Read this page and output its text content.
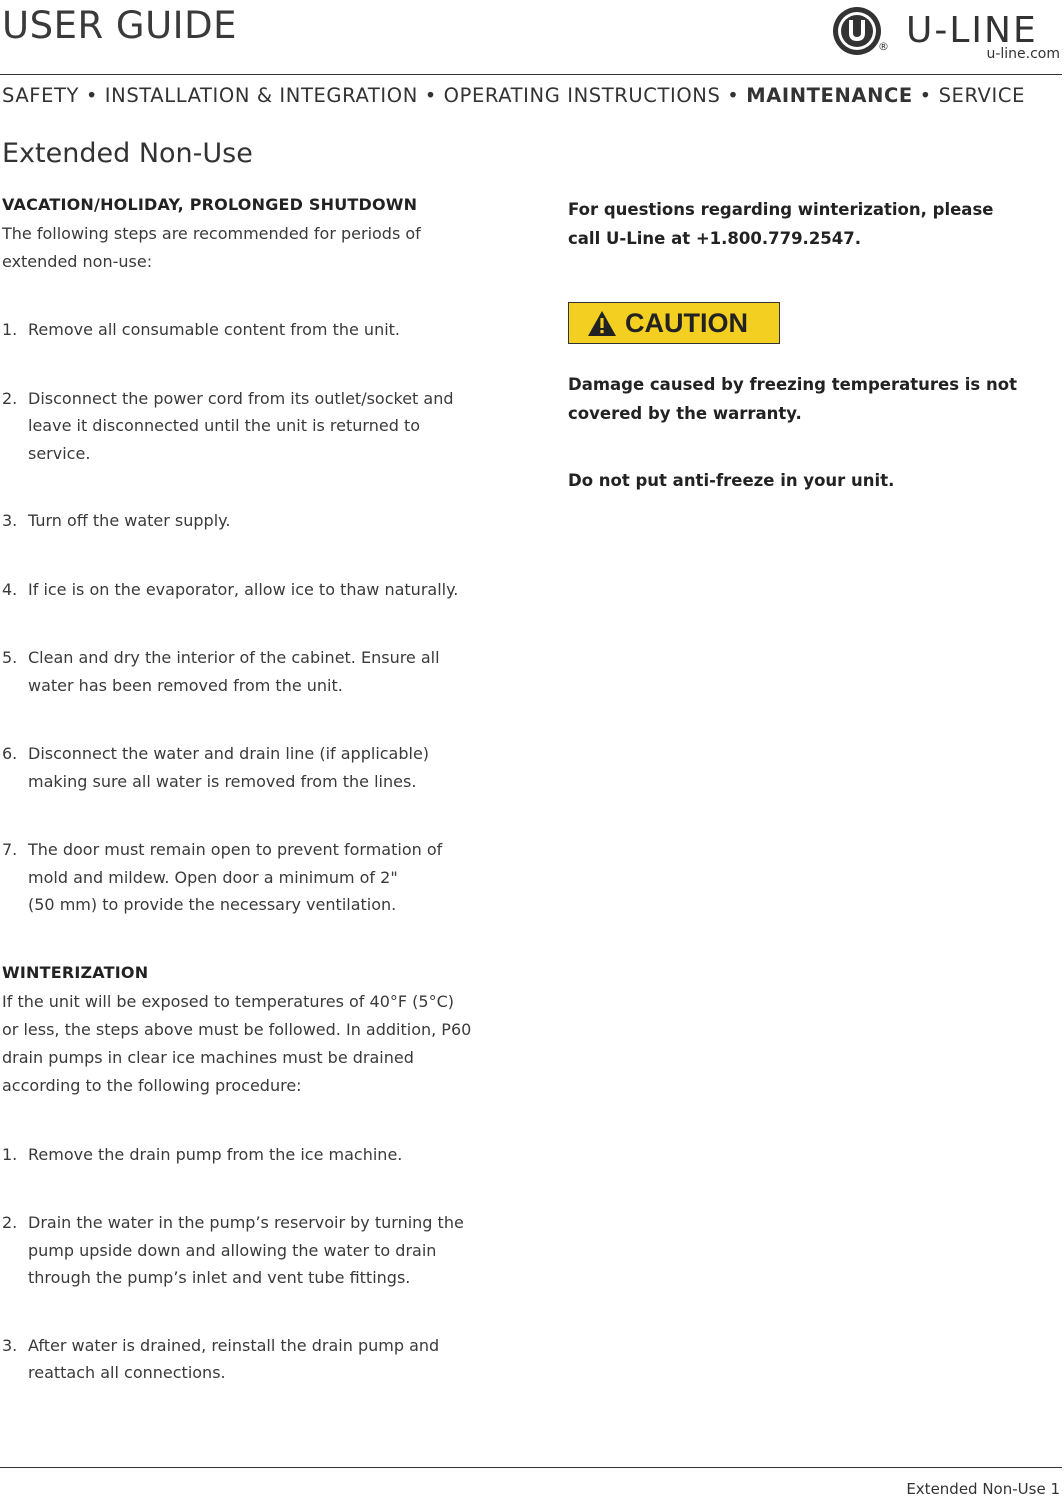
USER GUIDE	® U-LINE
u-line.com
SAFETY • INSTALLATION & INTEGRATION • OPERATING INSTRUCTIONS • MAINTENANCE • SERVICE
Extended Non-Use
VACATION/HOLIDAY, PROLONGED SHUTDOWN
The following steps are recommended for periods of
extended non-use:
1. Remove all consumable content from the unit.
2. Disconnect the power cord from its outlet/socket and
leave it disconnected until the unit is returned to
service.
3. Turn off the water supply.
4. If ice is on the evaporator, allow ice to thaw naturally.
5. Clean and dry the interior of the cabinet. Ensure all
water has been removed from the unit.
6. Disconnect the water and drain line (if applicable)
making sure all water is removed from the lines.
7. The door must remain open to prevent formation of
mold and mildew. Open door a minimum of 2"
(50 mm) to provide the necessary ventilation.
WINTERIZATION
If the unit will be exposed to temperatures of 40°F (5°C)
or less, the steps above must be followed. In addition, P60
drain pumps in clear ice machines must be drained
according to the following procedure:
1. Remove the drain pump from the ice machine.
2. Drain the water in the pump’s reservoir by turning the
pump upside down and allowing the water to drain
through the pump’s inlet and vent tube fittings.
3. After water is drained, reinstall the drain pump and
reattach all connections.
For questions regarding winterization, please
call U-Line at +1.800.779.2547.
CAUTION
Damage caused by freezing temperatures is not
covered by the warranty.
Do not put anti-freeze in your unit.
Extended Non-Use 1
